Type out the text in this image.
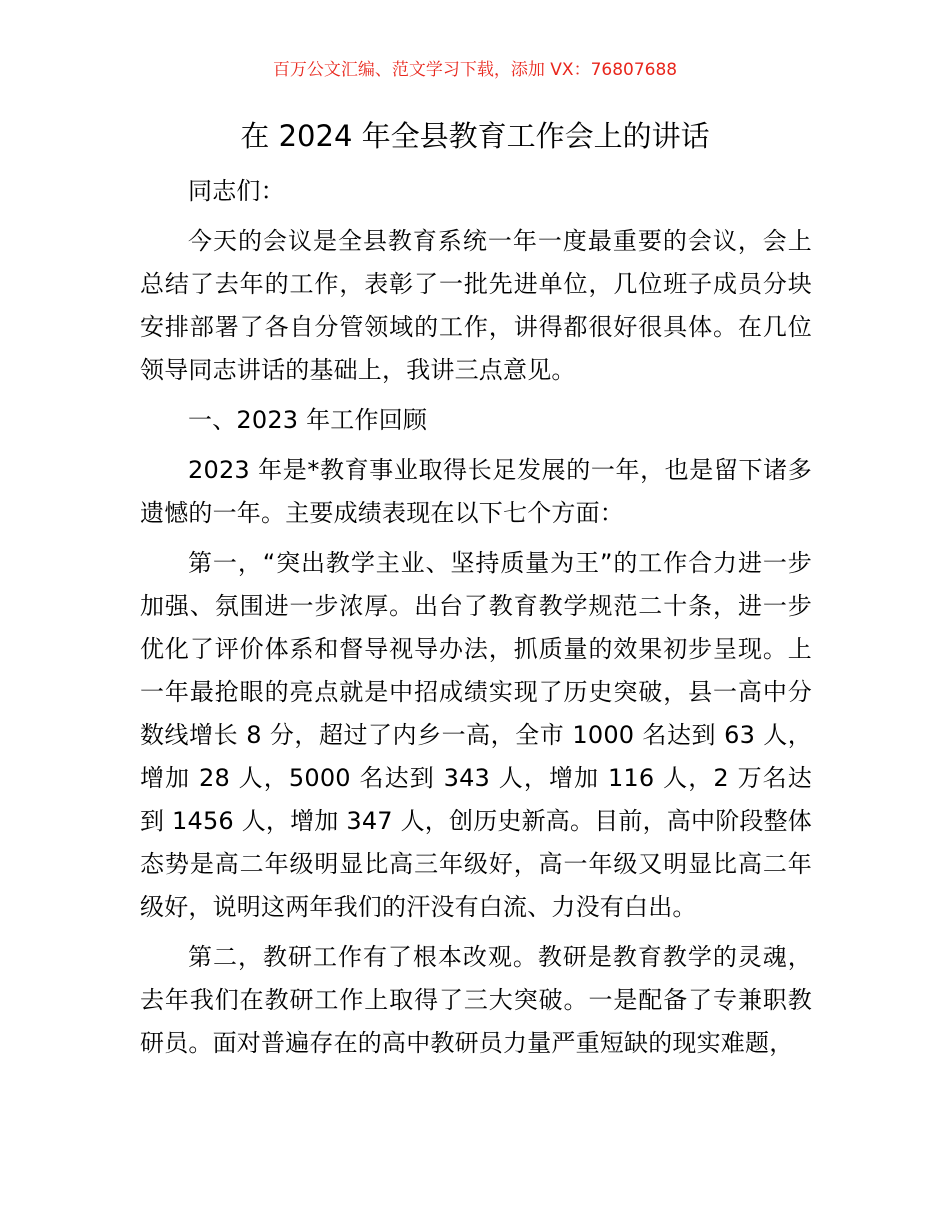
百万公文汇编、范文学习下载，添加 VX：76807688
在 2024 年全县教育工作会上的讲话

同志们：

今天的会议是全县教育系统一年一度最重要的会议，会上总结了去年的工作，表彰了一批先进单位，几位班子成员分块安排部署了各自分管领域的工作，讲得都很好很具体。在几位领导同志讲话的基础上，我讲三点意见。

一、2023 年工作回顾

2023 年是*教育事业取得长足发展的一年，也是留下诸多遗憾的一年。主要成绩表现在以下七个方面：

第一，“突出教学主业、坚持质量为王”的工作合力进一步加强、氛围进一步浓厚。出台了教育教学规范二十条，进一步优化了评价体系和督导视导办法，抓质量的效果初步呈现。上一年最抢眼的亮点就是中招成绩实现了历史突破，县一高中分数线增长 8 分，超过了内乡一高，全市 1000 名达到 63 人，增加 28 人，5000 名达到 343 人，增加 116 人，2 万名达到 1456 人，增加 347 人，创历史新高。目前，高中阶段整体态势是高二年级明显比高三年级好，高一年级又明显比高二年级好，说明这两年我们的汗没有白流、力没有白出。

第二，教研工作有了根本改观。教研是教育教学的灵魂，去年我们在教研工作上取得了三大突破。一是配备了专兼职教研员。面对普遍存在的高中教研员力量严重短缺的现实难题，
